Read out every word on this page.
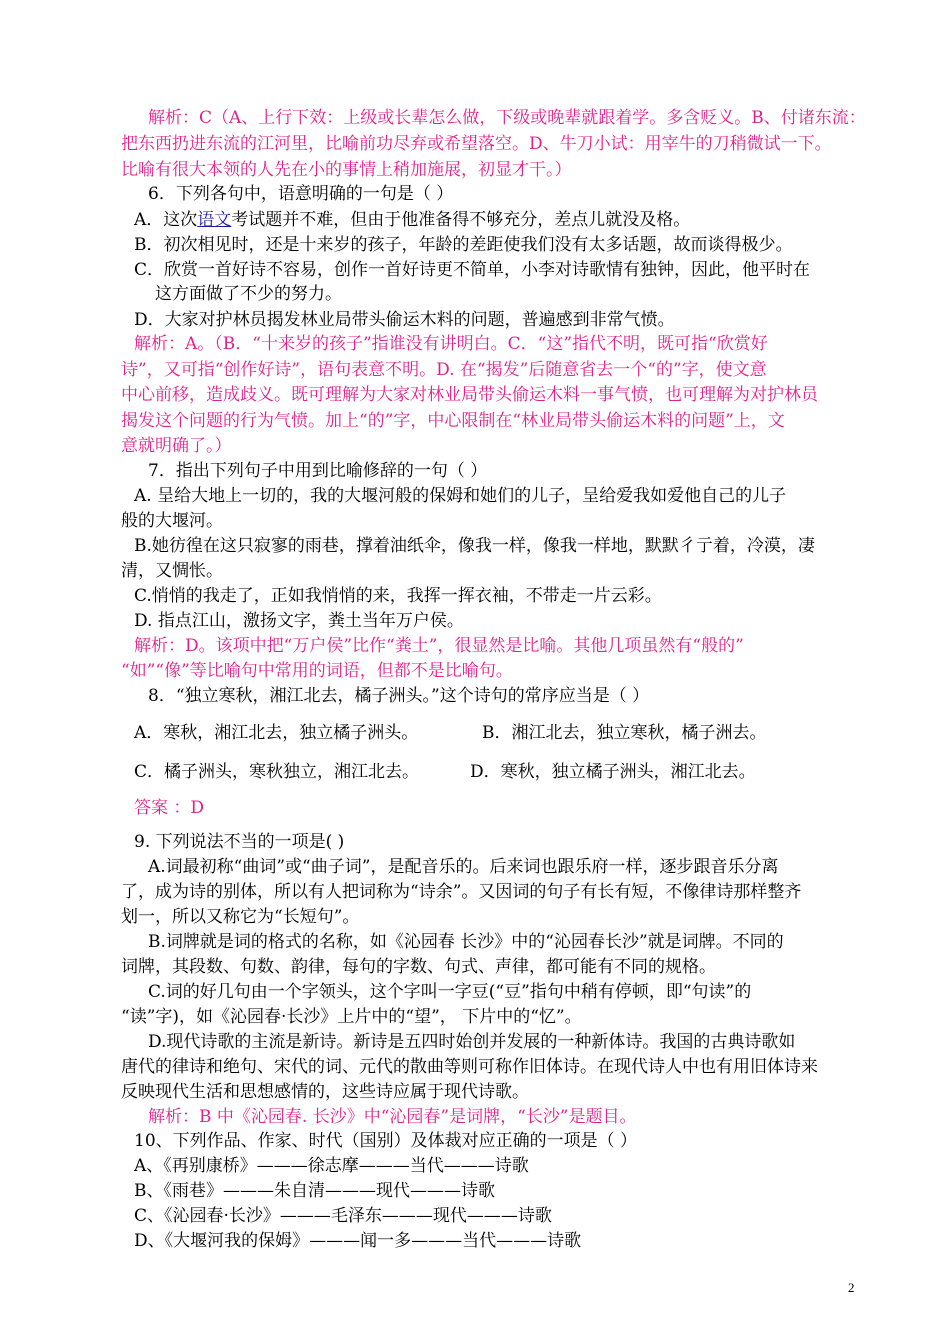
解析：C（A、上行下效：上级或长辈怎么做，下级或晚辈就跟着学。多含贬义。B、付诸东流：
把东西扔进东流的江河里，比喻前功尽弃或希望落空。D、牛刀小试：用宰牛的刀稍微试一下。
比喻有很大本领的人先在小的事情上稍加施展，初显才干。）
6．下列各句中，语意明确的一句是（ ）
A．这次语文考试题并不难，但由于他准备得不够充分，差点儿就没及格。
B．初次相见时，还是十来岁的孩子，年龄的差距使我们没有太多话题，故而谈得极少。
C．欣赏一首好诗不容易，创作一首好诗更不简单，小李对诗歌情有独钟，因此，他平时在
这方面做了不少的努力。
D．大家对护林员揭发林业局带头偷运木料的问题，普遍感到非常气愤。
解析：A。（B．“十来岁的孩子”指谁没有讲明白。C．“这”指代不明，既可指“欣赏好
诗”，又可指“创作好诗”，语句表意不明。D. 在“揭发”后随意省去一个“的”字，使文意
中心前移，造成歧义。既可理解为大家对林业局带头偷运木料一事气愤，也可理解为对护林员
揭发这个问题的行为气愤。加上“的”字，中心限制在“林业局带头偷运木料的问题”上，文
意就明确了。）
7．指出下列句子中用到比喻修辞的一句（ ）
A. 呈给大地上一切的，我的大堰河般的保姆和她们的儿子，呈给爱我如爱他自己的儿子
般的大堰河。
B.她彷徨在这只寂寥的雨巷，撑着油纸伞，像我一样，像我一样地，默默彳亍着，冷漠，凄
清，又惆怅。
C.悄悄的我走了，正如我悄悄的来，我挥一挥衣袖，不带走一片云彩。
D. 指点江山，激扬文字，粪土当年万户侯。
解析：D。该项中把“万户侯”比作“粪土”，很显然是比喻。其他几项虽然有“般的”
“如”“像”等比喻句中常用的词语，但都不是比喻句。
8．“独立寒秋，湘江北去，橘子洲头。”这个诗句的常序应当是（ ）
A．寒秋，湘江北去，独立橘子洲头。	B．湘江北去，独立寒秋，橘子洲去。
C．橘子洲头，寒秋独立，湘江北去。	D．寒秋，独立橘子洲头，湘江北去。
答案 ：D
9. 下列说法不当的一项是( )
A.词最初称“曲词”或“曲子词”，是配音乐的。后来词也跟乐府一样，逐步跟音乐分离
了，成为诗的别体，所以有人把词称为“诗余”。又因词的句子有长有短，不像律诗那样整齐
划一，所以又称它为“长短句”。
B.词牌就是词的格式的名称，如《沁园春 长沙》中的“沁园春长沙”就是词牌。不同的
词牌，其段数、句数、韵律，每句的字数、句式、声律，都可能有不同的规格。
C.词的好几句由一个字领头，这个字叫一字豆(“豆”指句中稍有停顿，即“句读”的
“读”字)，如《沁园春·长沙》上片中的“望”， 下片中的“忆”。
D.现代诗歌的主流是新诗。新诗是五四时始创并发展的一种新体诗。我国的古典诗歌如
唐代的律诗和绝句、宋代的词、元代的散曲等则可称作旧体诗。在现代诗人中也有用旧体诗来
反映现代生活和思想感情的，这些诗应属于现代诗歌。
解析：B 中《沁园春. 长沙》中“沁园春”是词牌，“长沙”是题目。
10、下列作品、作家、时代（国别）及体裁对应正确的一项是（ ）
A、《再别康桥》———徐志摩———当代———诗歌
B、《雨巷》———朱自清———现代———诗歌
C、《沁园春·长沙》———毛泽东———现代———诗歌
D、《大堰河我的保姆》———闻一多———当代———诗歌
2
